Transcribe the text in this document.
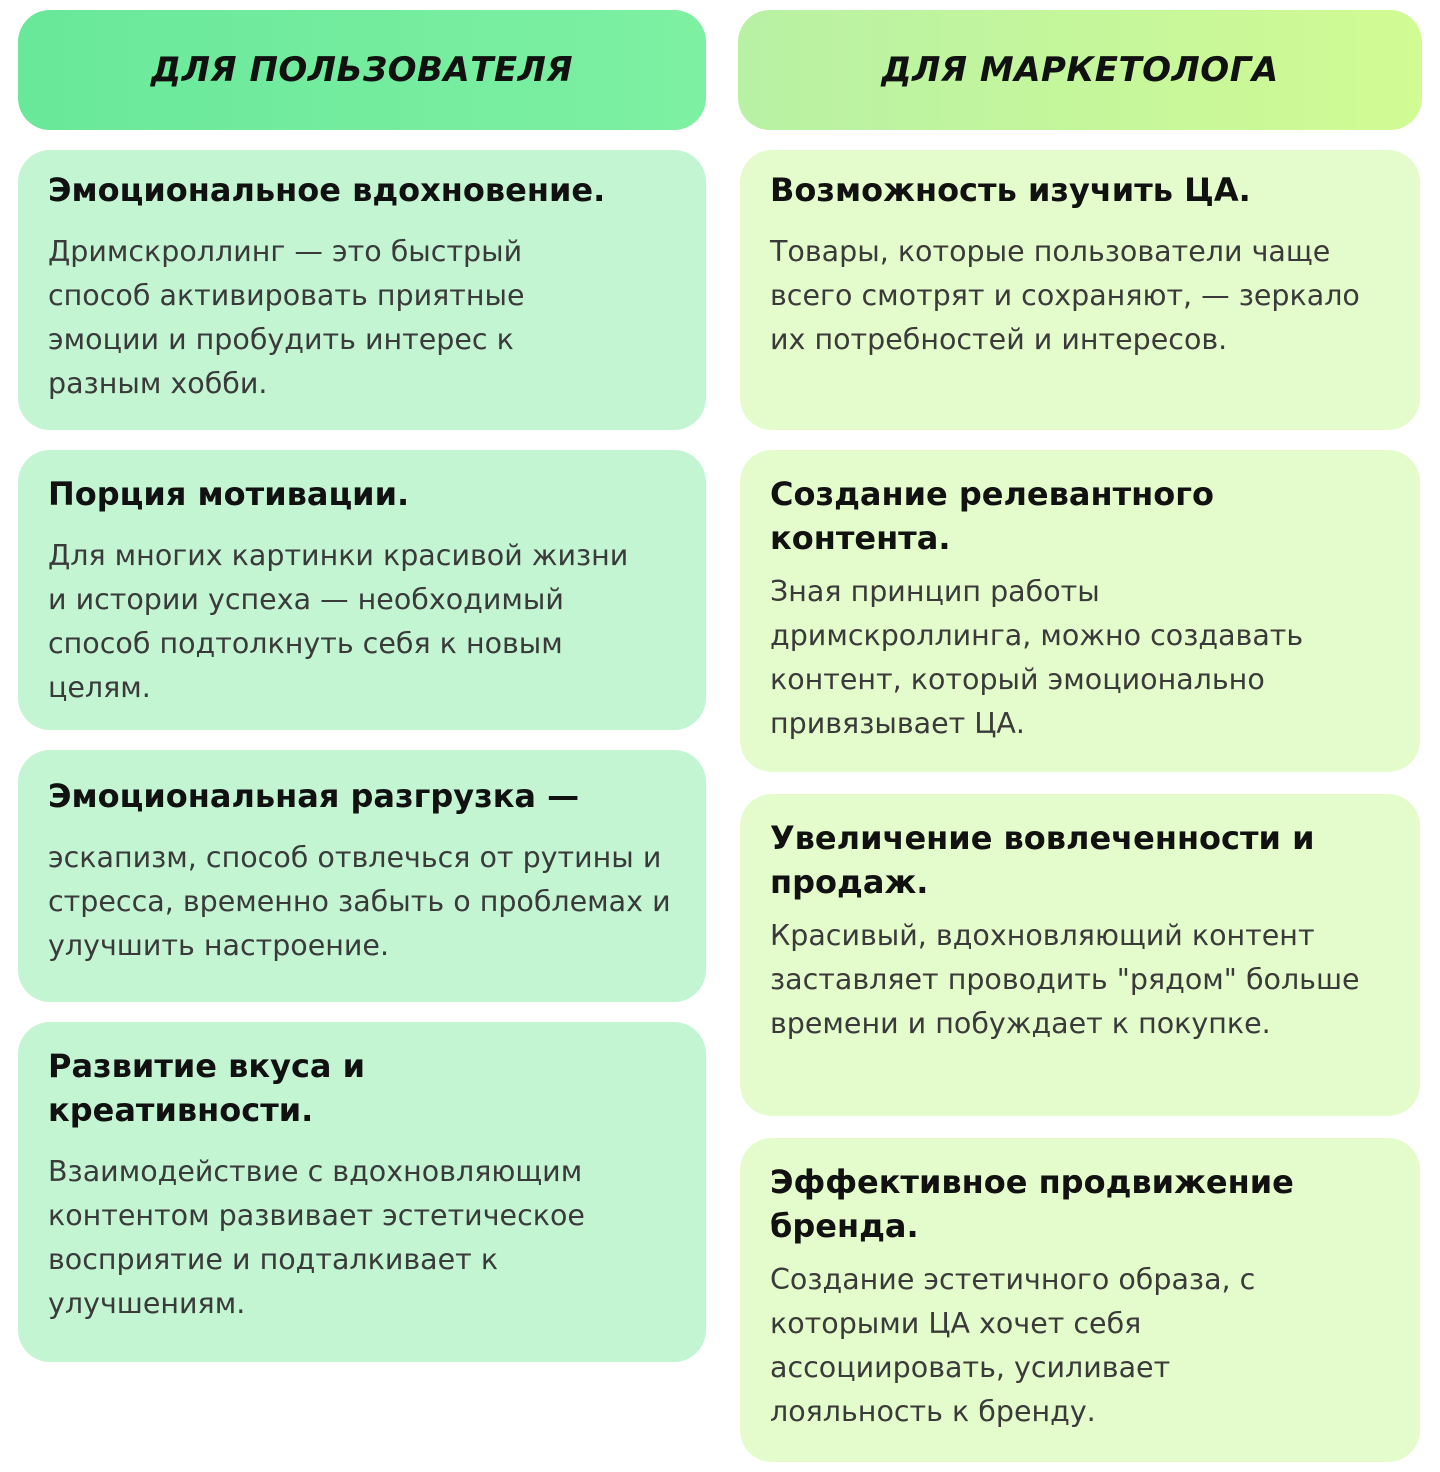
ДЛЯ ПОЛЬЗОВАТЕЛЯ	ДЛЯ МАРКЕТОЛОГА

Эмоциональное вдохновение.

Дримскроллинг — это быстрый способ активировать приятные эмоции и пробудить интерес к разным хобби.

Порция мотивации.

Для многих картинки красивой жизни и истории успеха — необходимый способ подтолкнуть себя к новым целям.

Эмоциональная разгрузка —

эскапизм, способ отвлечься от рутины и стресса, временно забыть о проблемах и улучшить настроение.

Развитие вкуса и креативности.

Взаимодействие с вдохновляющим контентом развивает эстетическое восприятие и подталкивает к улучшениям.

Возможность изучить ЦА.

Товары, которые пользователи чаще всего смотрят и сохраняют, — зеркало их потребностей и интересов.

Создание релевантного контента.

Зная принцип работы дримскроллинга, можно создавать контент, который эмоционально привязывает ЦА.

Увеличение вовлеченности и продаж.

Красивый, вдохновляющий контент заставляет проводить "рядом" больше времени и побуждает к покупке.

Эффективное продвижение бренда.

Создание эстетичного образа, с которыми ЦА хочет себя ассоциировать, усиливает лояльность к бренду.
